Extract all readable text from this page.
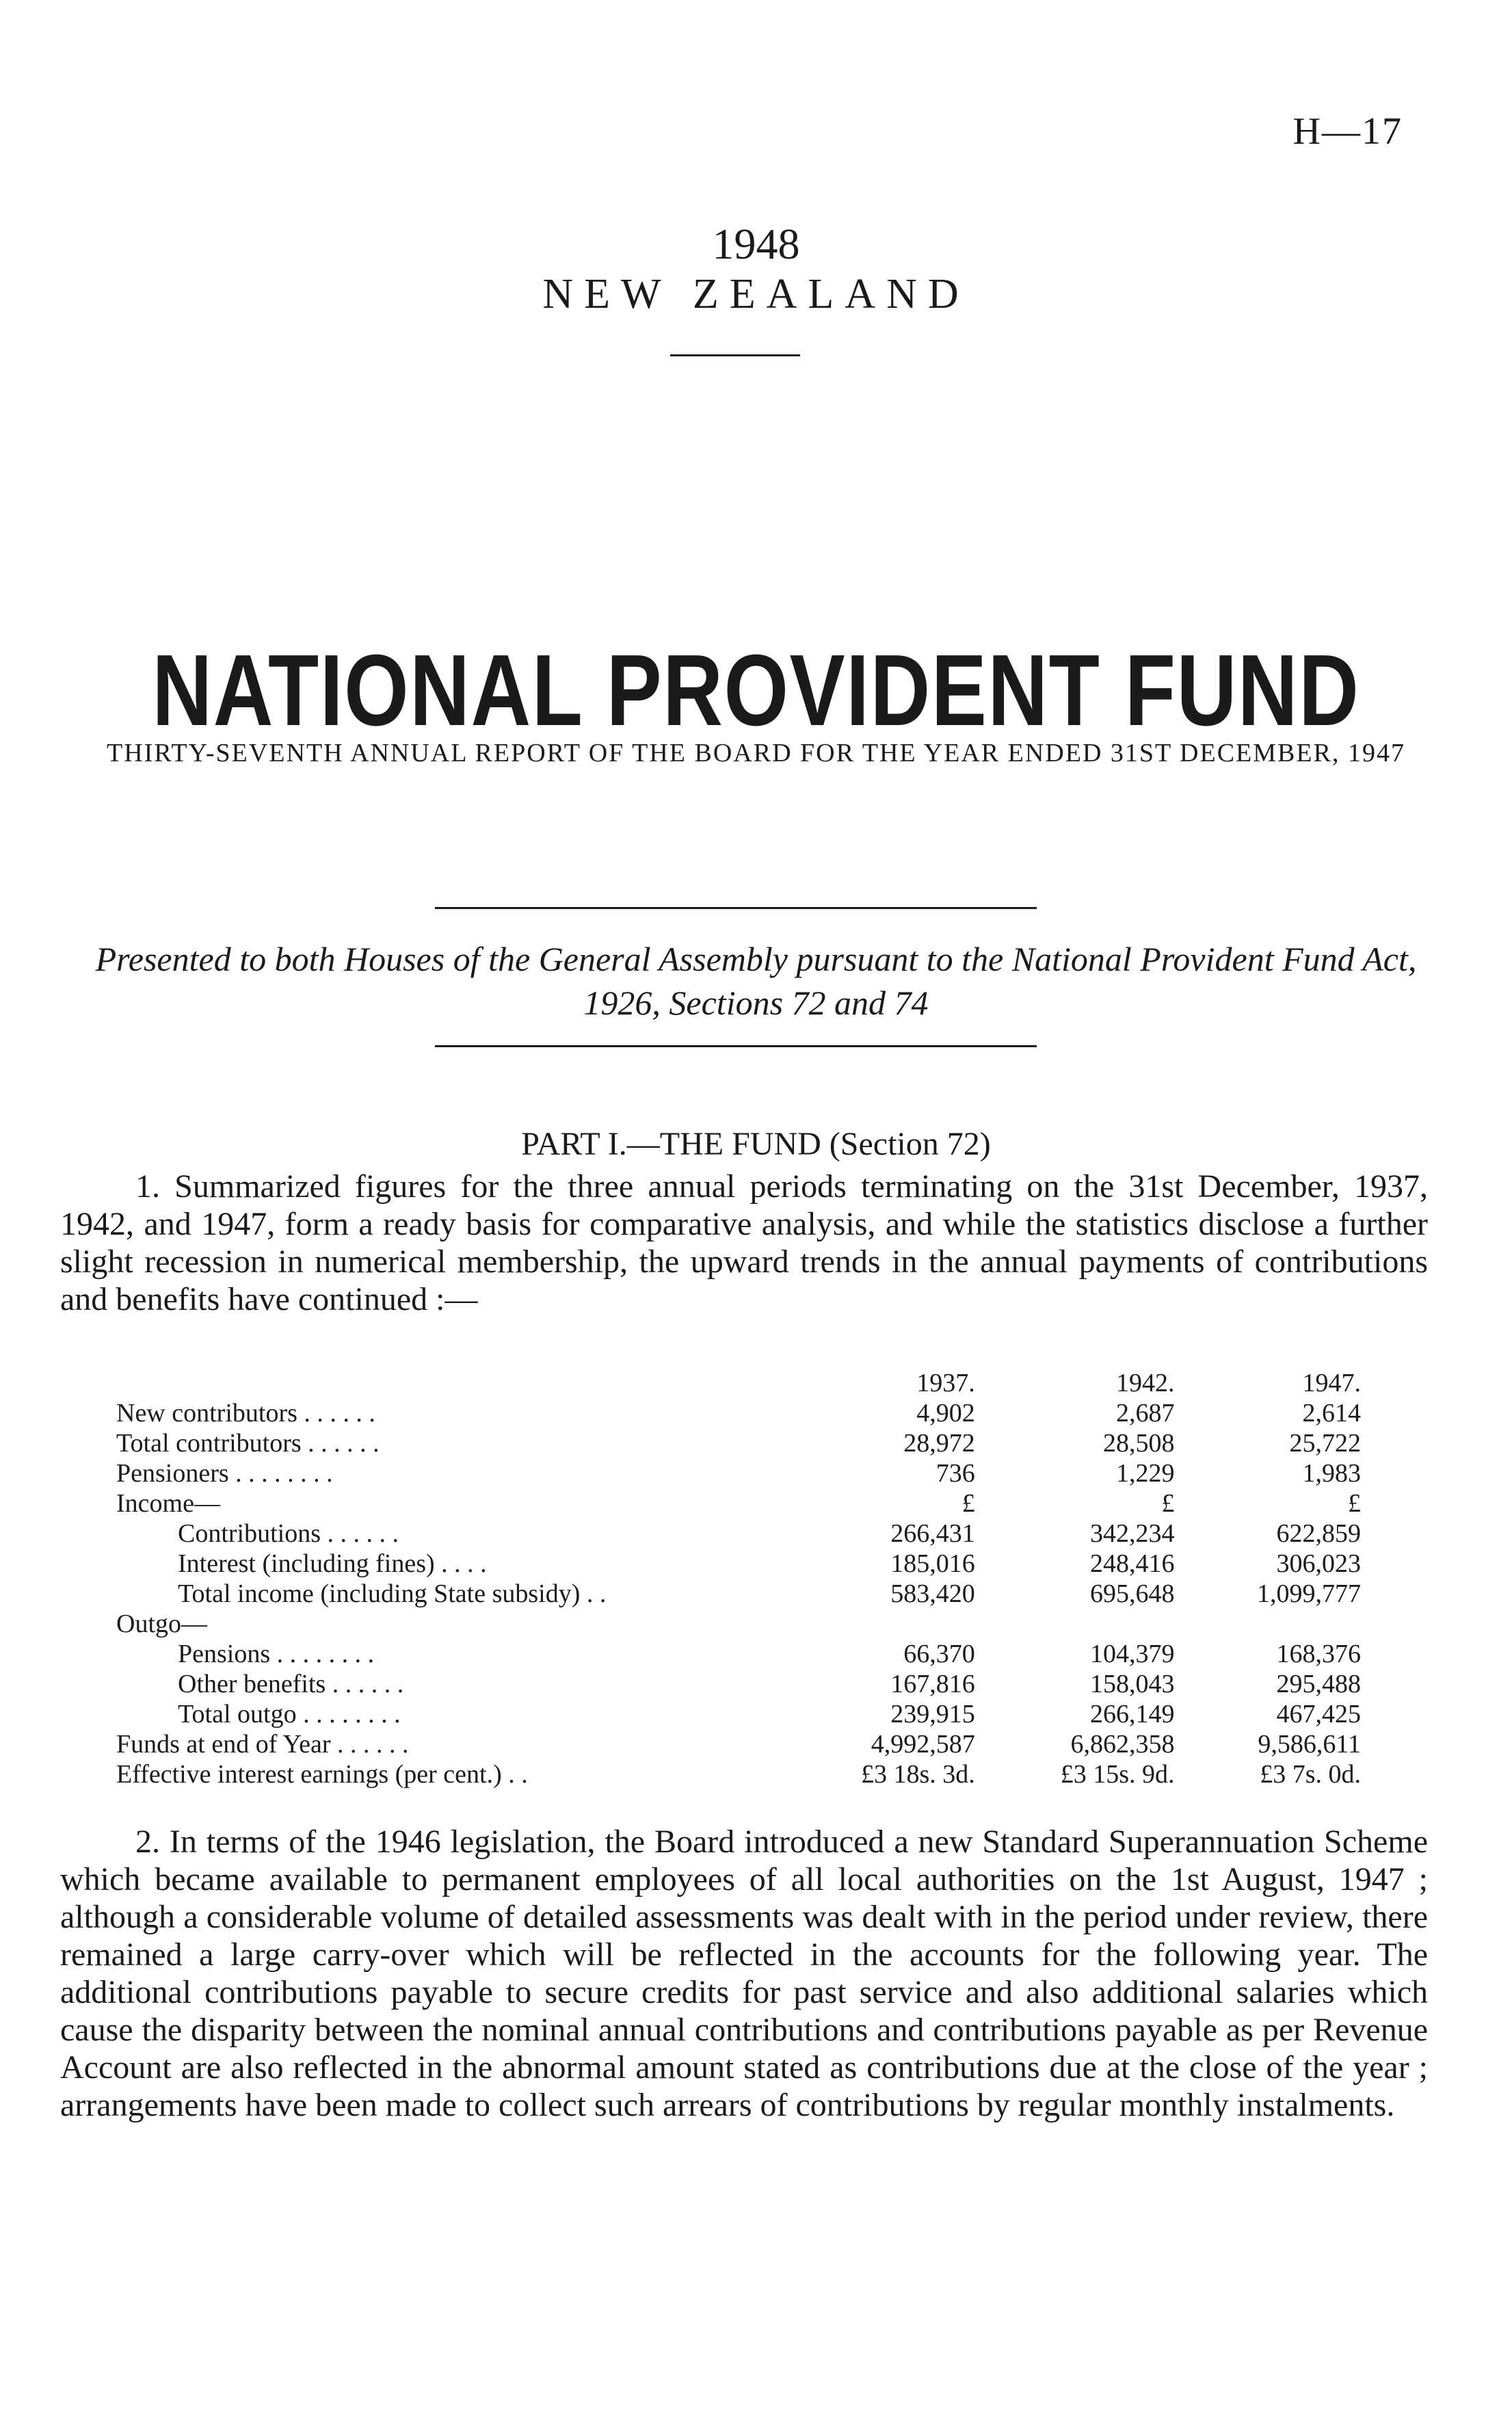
H—17
1948
NEW ZEALAND
NATIONAL PROVIDENT FUND
THIRTY-SEVENTH ANNUAL REPORT OF THE BOARD FOR THE YEAR ENDED 31ST DECEMBER, 1947
Presented to both Houses of the General Assembly pursuant to the National Provident Fund Act, 1926, Sections 72 and 74
PART I.—THE FUND (Section 72)
1. Summarized figures for the three annual periods terminating on the 31st December, 1937, 1942, and 1947, form a ready basis for comparative analysis, and while the statistics disclose a further slight recession in numerical membership, the upward trends in the annual payments of contributions and benefits have continued :—
	1937.	1942.	1947.
New contributors . . . . . .	4,902	2,687	2,614
Total contributors . . . . . .	28,972	28,508	25,722
Pensioners . . . . . . . .	736	1,229	1,983
Income—	£	£	£
Contributions . . . . . .	266,431	342,234	622,859
Interest (including fines) . . . .	185,016	248,416	306,023
Total income (including State subsidy) . .	583,420	695,648	1,099,777
Outgo—			
Pensions . . . . . . . .	66,370	104,379	168,376
Other benefits . . . . . .	167,816	158,043	295,488
Total outgo . . . . . . . .	239,915	266,149	467,425
Funds at end of Year . . . . . .	4,992,587	6,862,358	9,586,611
Effective interest earnings (per cent.) . .	£3 18s. 3d.	£3 15s. 9d.	£3 7s. 0d.
2. In terms of the 1946 legislation, the Board introduced a new Standard Superannuation Scheme which became available to permanent employees of all local authorities on the 1st August, 1947 ; although a considerable volume of detailed assessments was dealt with in the period under review, there remained a large carry-over which will be reflected in the accounts for the following year. The additional contributions payable to secure credits for past service and also additional salaries which cause the disparity between the nominal annual contributions and contributions payable as per Revenue Account are also reflected in the abnormal amount stated as contributions due at the close of the year ; arrangements have been made to collect such arrears of contributions by regular monthly instalments.
